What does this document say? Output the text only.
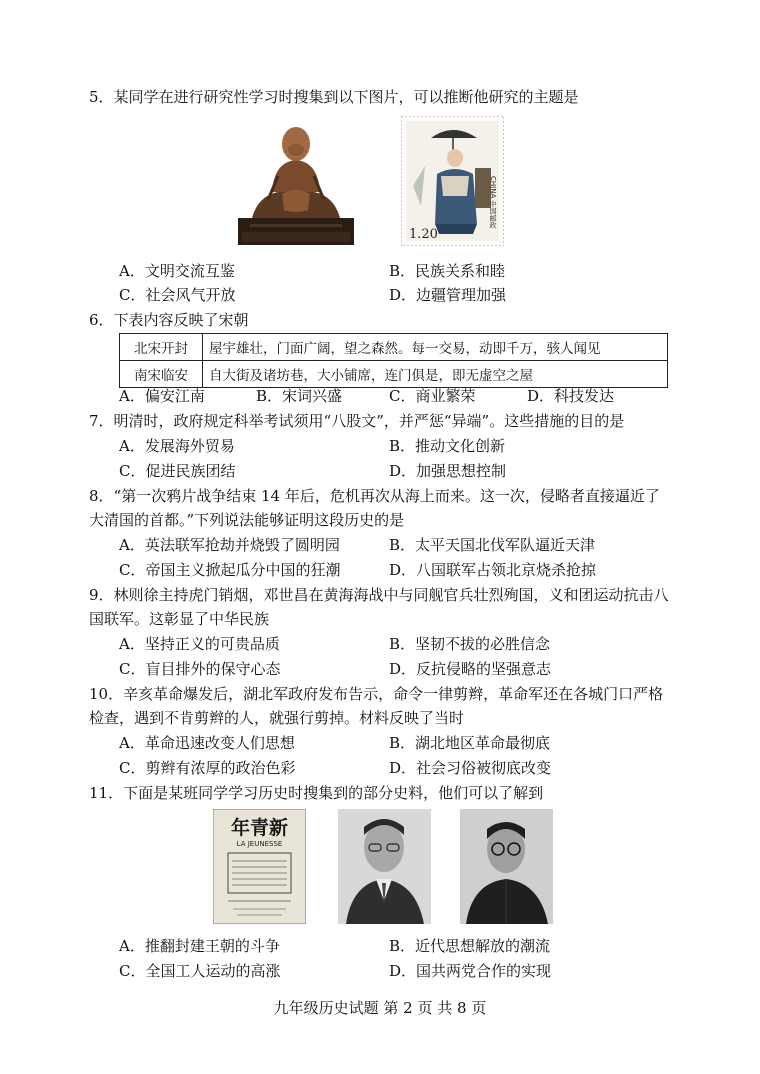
5．某同学在进行研究性学习时搜集到以下图片，可以推断他研究的主题是
1.20
CHINA 中国邮政
A．文明交流互鉴	B．民族关系和睦
C．社会风气开放	D．边疆管理加强
6．下表内容反映了宋朝
北宋开封	屋宇雄壮，门面广阔，望之森然。每一交易，动即千万，骇人闻见
南宋临安	自大街及诸坊巷，大小铺席，连门俱是，即无虚空之屋
A．偏安江南	B．宋词兴盛	C．商业繁荣	D．科技发达
7．明清时，政府规定科举考试须用“八股文”，并严惩“异端”。这些措施的目的是
A．发展海外贸易	B．推动文化创新
C．促进民族团结	D．加强思想控制
8．“第一次鸦片战争结束 14 年后，危机再次从海上而来。这一次，侵略者直接逼近了
大清国的首都。”下列说法能够证明这段历史的是
A．英法联军抢劫并烧毁了圆明园	B．太平天国北伐军队逼近天津
C．帝国主义掀起瓜分中国的狂潮	D．八国联军占领北京烧杀抢掠
9．林则徐主持虎门销烟，邓世昌在黄海海战中与同舰官兵壮烈殉国，义和团运动抗击八
国联军。这彰显了中华民族
A．坚持正义的可贵品质	B．坚韧不拔的必胜信念
C．盲目排外的保守心态	D．反抗侵略的坚强意志
10．辛亥革命爆发后，湖北军政府发布告示，命令一律剪辫，革命军还在各城门口严格
检查，遇到不肯剪辫的人，就强行剪掉。材料反映了当时
A．革命迅速改变人们思想	B．湖北地区革命最彻底
C．剪辫有浓厚的政治色彩	D．社会习俗被彻底改变
11．下面是某班同学学习历史时搜集到的部分史料，他们可以了解到
年青新
LA JEUNESSE
A．推翻封建王朝的斗争	B．近代思想解放的潮流
C．全国工人运动的高涨	D．国共两党合作的实现
九年级历史试题 第 2 页 共 8 页
